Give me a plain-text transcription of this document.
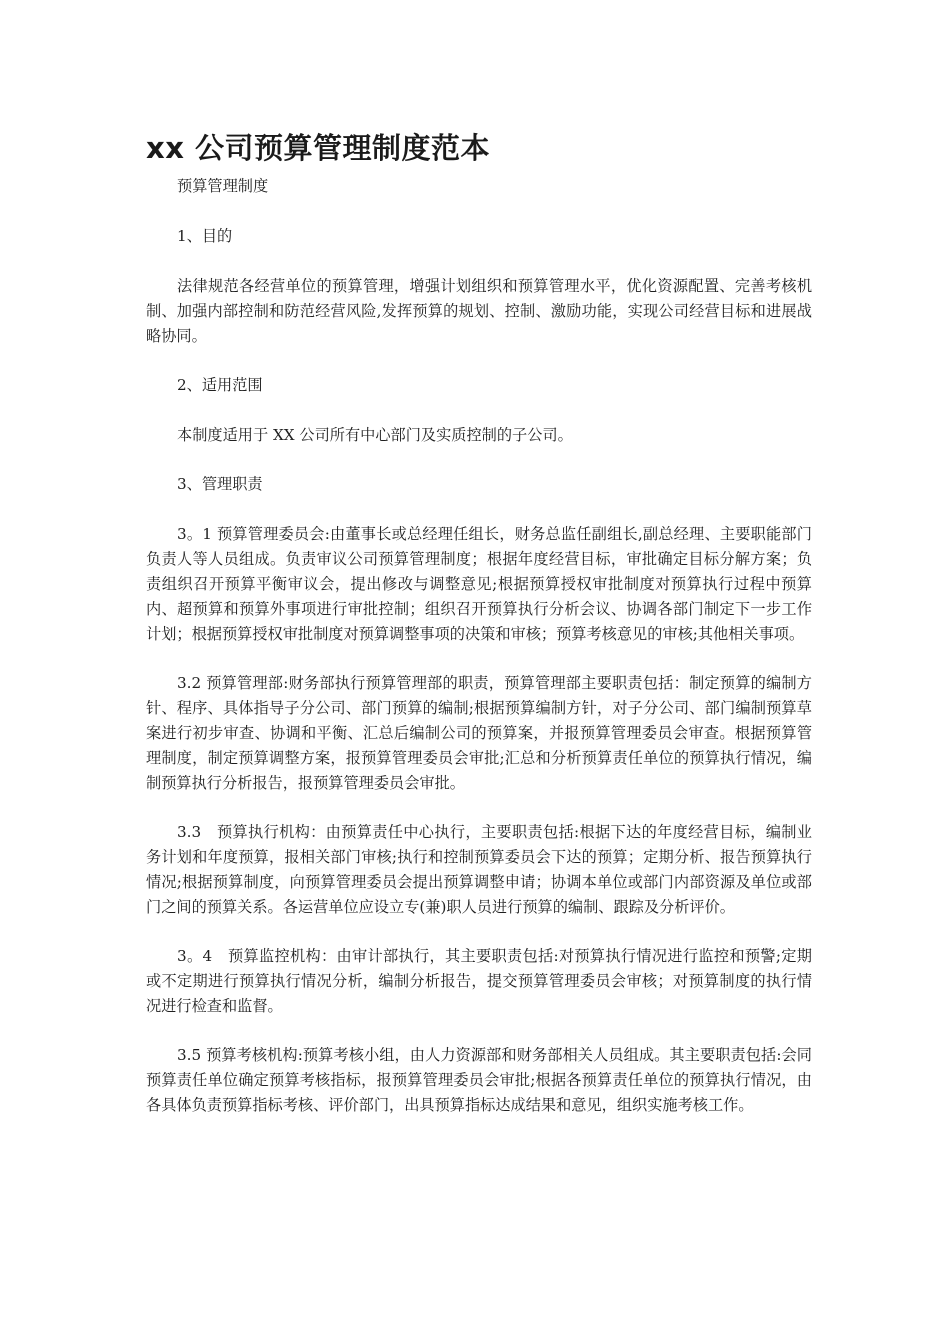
xx 公司预算管理制度范本

预算管理制度

1、目的

法律规范各经营单位的预算管理，增强计划组织和预算管理水平，优化资源配置、完善考核机制、加强内部控制和防范经营风险,发挥预算的规划、控制、激励功能，实现公司经营目标和进展战略协同。

2、适用范围

本制度适用于 XX 公司所有中心部门及实质控制的子公司。

3、管理职责

3。1 预算管理委员会:由董事长或总经理任组长，财务总监任副组长,副总经理、主要职能部门负责人等人员组成。负责审议公司预算管理制度；根据年度经营目标，审批确定目标分解方案；负责组织召开预算平衡审议会，提出修改与调整意见;根据预算授权审批制度对预算执行过程中预算内、超预算和预算外事项进行审批控制；组织召开预算执行分析会议、协调各部门制定下一步工作计划；根据预算授权审批制度对预算调整事项的决策和审核；预算考核意见的审核;其他相关事项。

3.2 预算管理部:财务部执行预算管理部的职责，预算管理部主要职责包括：制定预算的编制方针、程序、具体指导子分公司、部门预算的编制;根据预算编制方针，对子分公司、部门编制预算草案进行初步审查、协调和平衡、汇总后编制公司的预算案，并报预算管理委员会审查。根据预算管理制度，制定预算调整方案，报预算管理委员会审批;汇总和分析预算责任单位的预算执行情况，编制预算执行分析报告，报预算管理委员会审批。

3.3　预算执行机构：由预算责任中心执行，主要职责包括:根据下达的年度经营目标，编制业务计划和年度预算，报相关部门审核;执行和控制预算委员会下达的预算；定期分析、报告预算执行情况;根据预算制度，向预算管理委员会提出预算调整申请；协调本单位或部门内部资源及单位或部门之间的预算关系。各运营单位应设立专(兼)职人员进行预算的编制、跟踪及分析评价。

3。4　预算监控机构：由审计部执行，其主要职责包括:对预算执行情况进行监控和预警;定期或不定期进行预算执行情况分析，编制分析报告，提交预算管理委员会审核；对预算制度的执行情况进行检查和监督。

3.5 预算考核机构:预算考核小组，由人力资源部和财务部相关人员组成。其主要职责包括:会同预算责任单位确定预算考核指标，报预算管理委员会审批;根据各预算责任单位的预算执行情况，由各具体负责预算指标考核、评价部门，出具预算指标达成结果和意见，组织实施考核工作。
